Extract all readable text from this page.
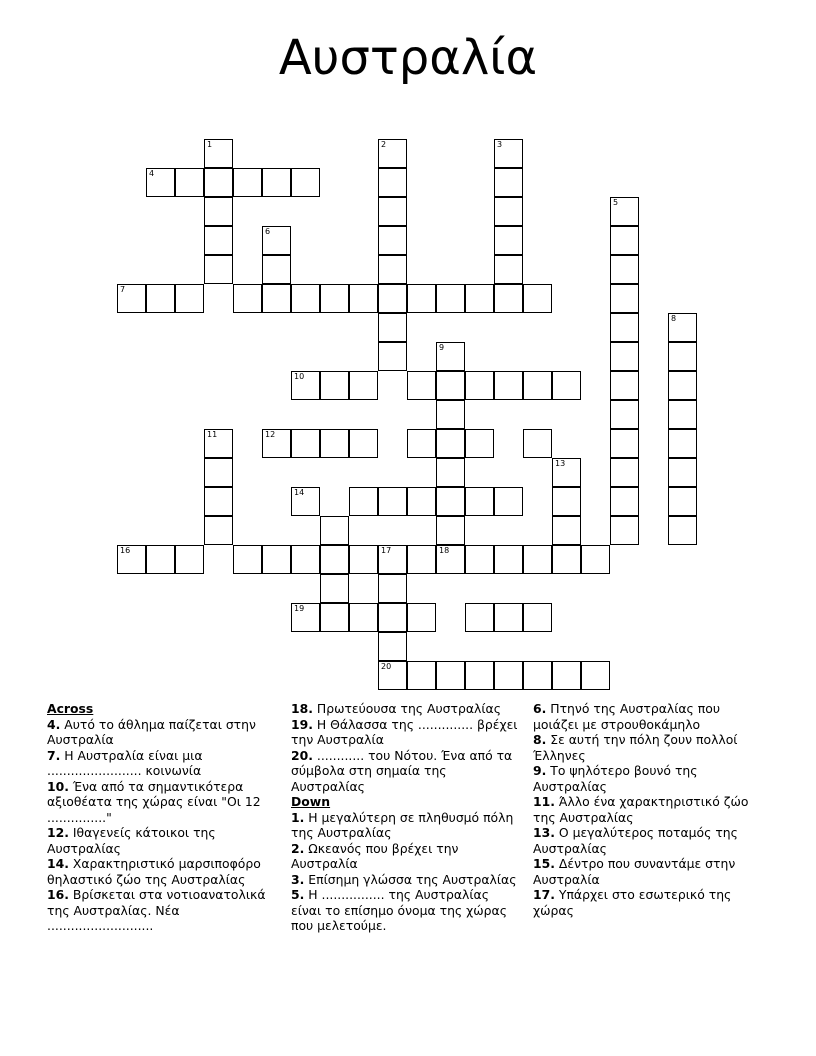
Αυστραλία
1	2	3
4
5
6
7
8
9
18
10
11	12
13
14
16	17
20
19
Across
4. Αυτό το άθλημα παίζεται στην Αυστραλία
7. Η Αυστραλία είναι μια ........................ κοινωνία
10. Ένα από τα σημαντικότερα αξιοθέατα της χώρας είναι "Οι 12 ..............."
12. Ιθαγενείς κάτοικοι της Αυστραλίας
14. Χαρακτηριστικό μαρσιποφόρο θηλαστικό ζώο της Αυστραλίας
16. Βρίσκεται στα νοτιοανατολικά της Αυστραλίας. Νέα ...........................
18. Πρωτεύουσα της Αυστραλίας
19. Η Θάλασσα της .............. βρέχει την Αυστραλία
20. ............ του Νότου. Ένα από τα σύμβολα στη σημαία της Αυστραλίας
Down
1. Η μεγαλύτερη σε πληθυσμό πόλη της Αυστραλίας
2. Ωκεανός που βρέχει την Αυστραλία
3. Επίσημη γλώσσα της Αυστραλίας
5. Η ................ της Αυστραλίας είναι το επίσημο όνομα της χώρας που μελετούμε.
6. Πτηνό της Αυστραλίας που μοιάζει με στρουθοκάμηλο
8. Σε αυτή την πόλη ζουν πολλοί Έλληνες
9. Το ψηλότερο βουνό της Αυστραλίας
11. Άλλο ένα χαρακτηριστικό ζώο της Αυστραλίας
13. Ο μεγαλύτερος ποταμός της Αυστραλίας
15. Δέντρο που συναντάμε στην Αυστραλία
17. Υπάρχει στο εσωτερικό της χώρας
